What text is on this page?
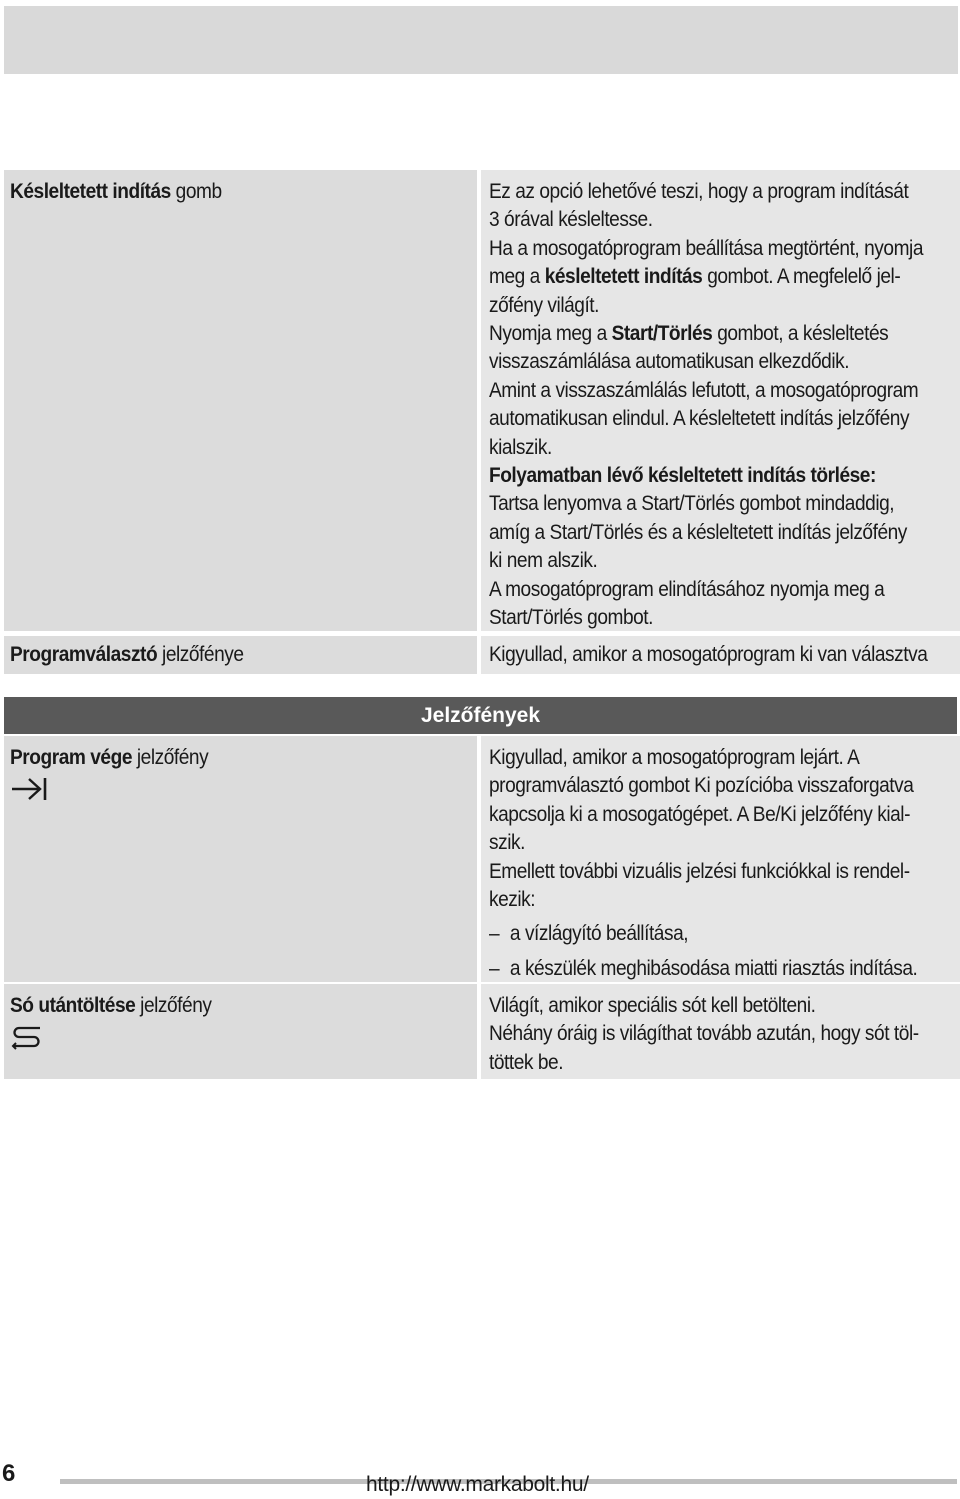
Késleltetett indítás gomb	Ez az opció lehetővé teszi, hogy a program indítását
3 órával késleltesse.
Ha a mosogatóprogram beállítása megtörtént, nyomja
meg a késleltetett indítás gombot. A megfelelő jel-
zőfény világít.
Nyomja meg a Start/Törlés gombot, a késleltetés
visszaszámlálása automatikusan elkezdődik.
Amint a visszaszámlálás lefutott, a mosogatóprogram
automatikusan elindul. A késleltetett indítás jelzőfény
kialszik.
Folyamatban lévő késleltetett indítás törlése:
Tartsa lenyomva a Start/Törlés gombot mindaddig,
amíg a Start/Törlés és a késleltetett indítás jelzőfény
ki nem alszik.
A mosogatóprogram elindításához nyomja meg a
Start/Törlés gombot.
Programválasztó jelzőfénye	Kigyullad, amikor a mosogatóprogram ki van választva
Jelzőfények
Program vége jelzőfény	Kigyullad, amikor a mosogatóprogram lejárt. A
programválasztó gombot Ki pozícióba visszaforgatva
kapcsolja ki a mosogatógépet. A Be/Ki jelzőfény kial-
szik.
Emellett további vizuális jelzési funkciókkal is rendel-
kezik:
– a vízlágyító beállítása,
– a készülék meghibásodása miatti riasztás indítása.
Só utántöltése jelzőfény	Világít, amikor speciális sót kell betölteni.
Néhány óráig is világíthat tovább azután, hogy sót töl-
töttek be.
6	http://www.markabolt.hu/
